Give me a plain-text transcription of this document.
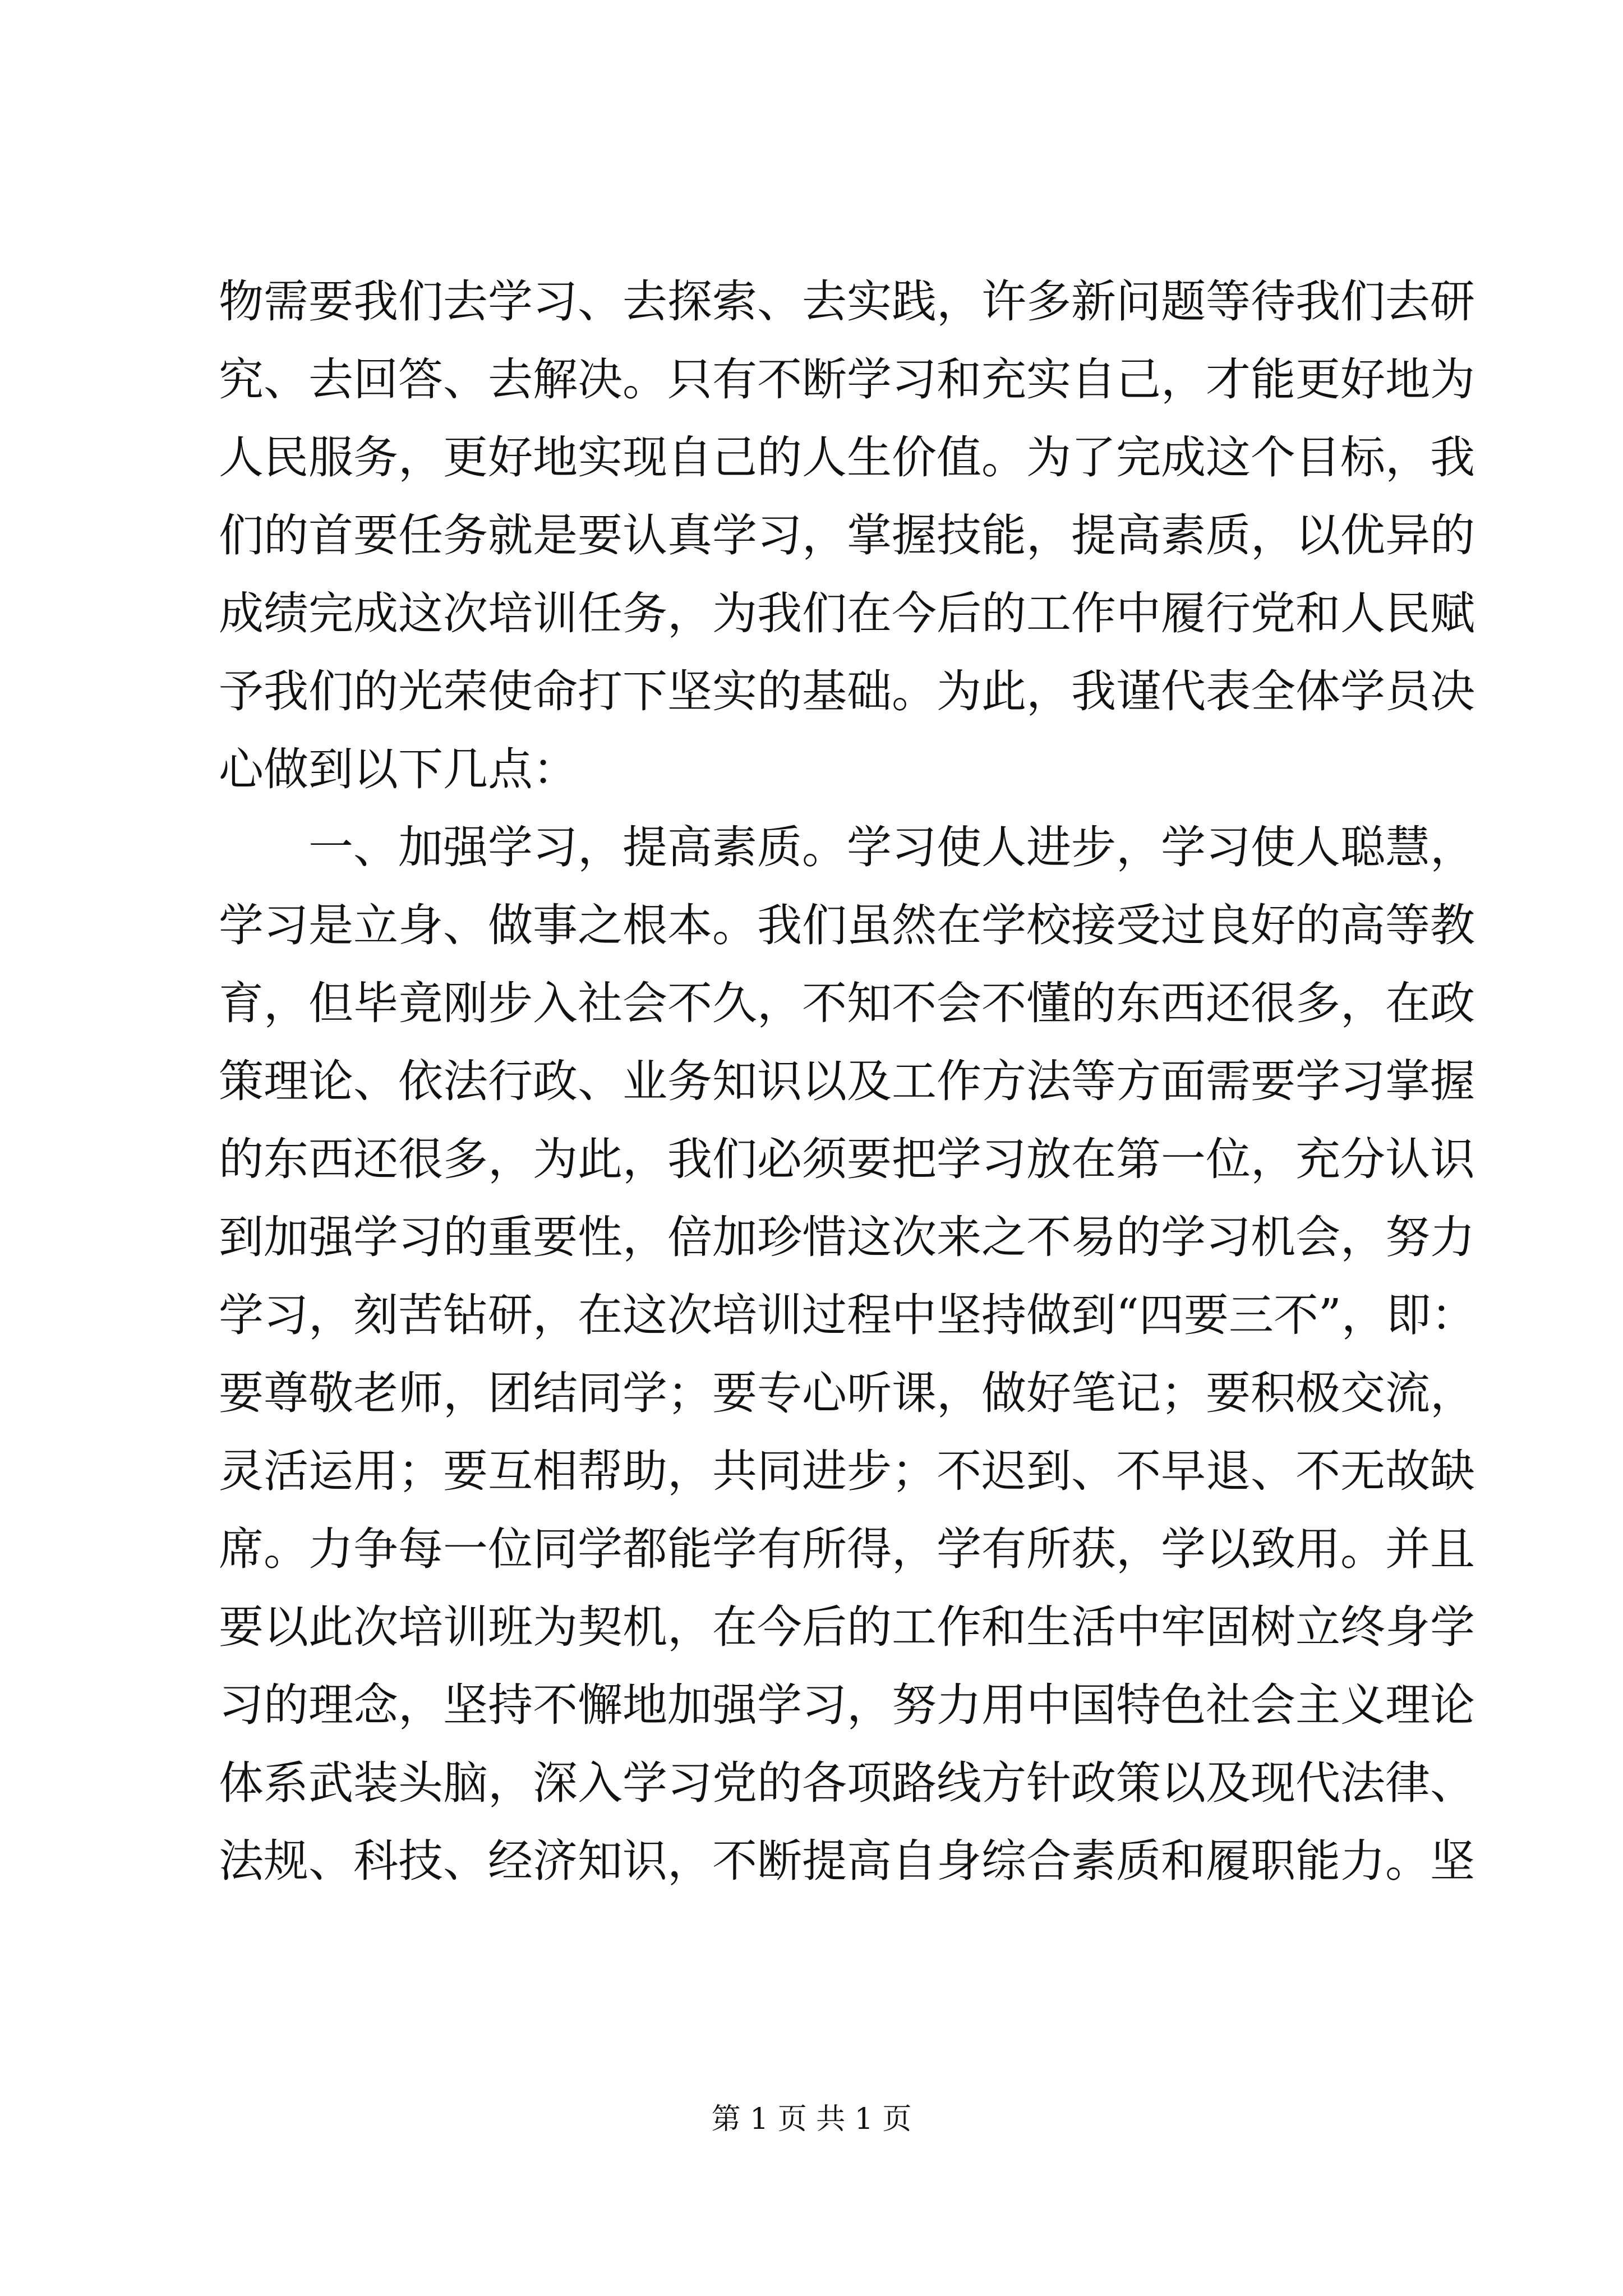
物需要我们去学习、去探索、去实践，许多新问题等待我们去研
究、去回答、去解决。只有不断学习和充实自己，才能更好地为
人民服务，更好地实现自己的人生价值。为了完成这个目标，我
们的首要任务就是要认真学习，掌握技能，提高素质，以优异的
成绩完成这次培训任务，为我们在今后的工作中履行党和人民赋
予我们的光荣使命打下坚实的基础。为此，我谨代表全体学员决
心做到以下几点：
　　一、加强学习，提高素质。学习使人进步，学习使人聪慧，
学习是立身、做事之根本。我们虽然在学校接受过良好的高等教
育，但毕竟刚步入社会不久，不知不会不懂的东西还很多，在政
策理论、依法行政、业务知识以及工作方法等方面需要学习掌握
的东西还很多，为此，我们必须要把学习放在第一位，充分认识
到加强学习的重要性，倍加珍惜这次来之不易的学习机会，努力
学习，刻苦钻研，在这次培训过程中坚持做到“四要三不”，即：
要尊敬老师，团结同学；要专心听课，做好笔记；要积极交流，
灵活运用；要互相帮助，共同进步；不迟到、不早退、不无故缺
席。力争每一位同学都能学有所得，学有所获，学以致用。并且
要以此次培训班为契机，在今后的工作和生活中牢固树立终身学
习的理念，坚持不懈地加强学习，努力用中国特色社会主义理论
体系武装头脑，深入学习党的各项路线方针政策以及现代法律、
法规、科技、经济知识，不断提高自身综合素质和履职能力。坚
第 1 页 共 1 页
